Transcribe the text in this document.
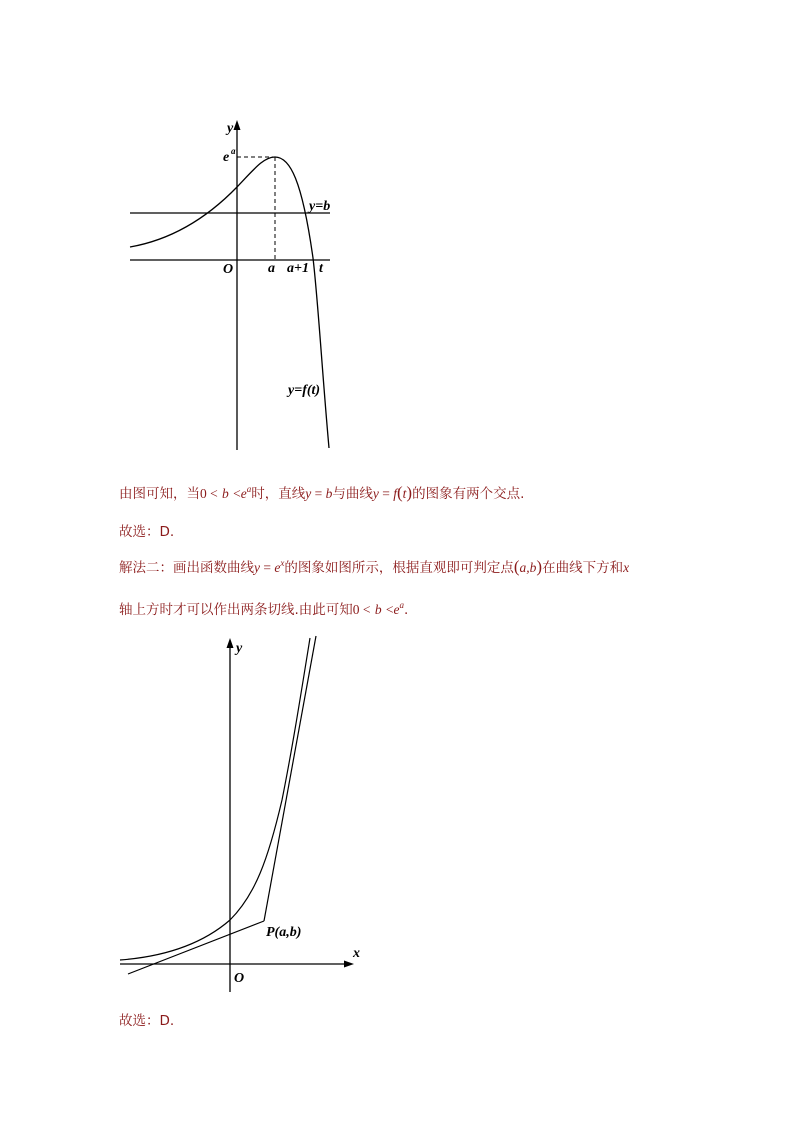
y
e a
y=b
O a a+1 t
y=f(t)

由图可知，当$0 < b <e^a$时，直线y = b与曲线y = f(t)的图象有两个交点.

故选：D.

解法二：画出函数曲线$y = e^x$的图象如图所示，根据直观即可判定点(a,b)在曲线下方和x

轴上方时才可以作出两条切线.由此可知$0 < b <e^a$.

y
x
O
P(a,b)

故选：D.
